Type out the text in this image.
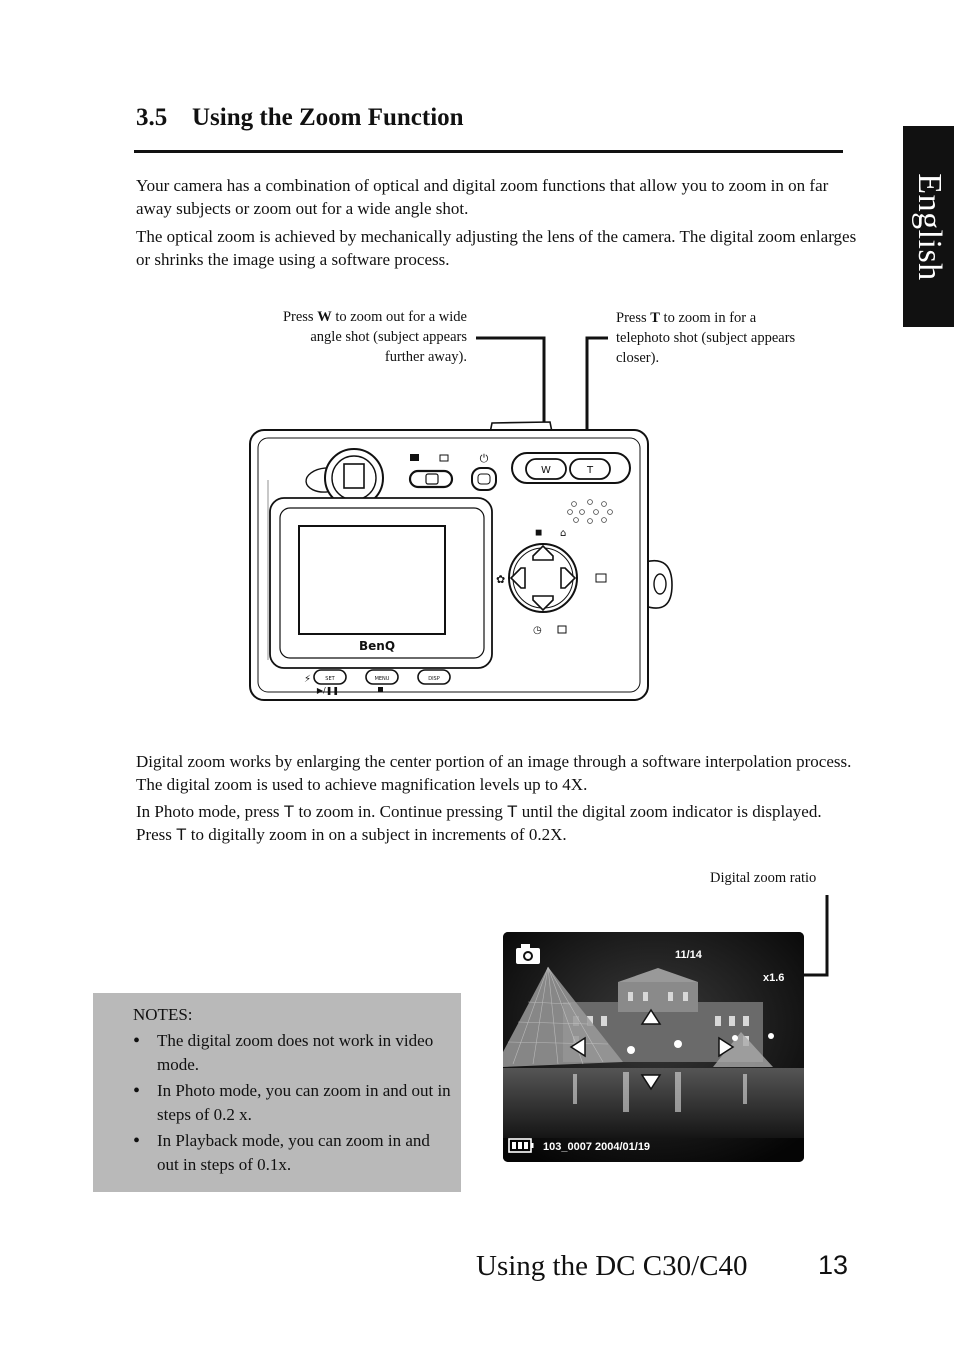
English
3.5 Using the Zoom Function
Your camera has a combination of optical and digital zoom functions that allow you to zoom in on far away subjects or zoom out for a wide angle shot.
The optical zoom is achieved by mechanically adjusting the lens of the camera. The digital zoom enlarges or shrinks the image using a software process.
Press W to zoom out for a wide angle shot (subject appears further away).
Press T to zoom in for a telephoto shot (subject appears closer).
⏻
W	T
BenQ
◼ ⌂
✿
◷
⚡	SET
▶/❚❚
MENU	DISP
Digital zoom works by enlarging the center portion of an image through a software interpolation process. The digital zoom is used to achieve magnification levels up to 4X.
In Photo mode, press T to zoom in. Continue pressing T until the digital zoom indicator is displayed. Press T to digitally zoom in on a subject in increments of 0.2X.
Digital zoom ratio
11/14
x1.6
103_0007 2004/01/19
NOTES:
• The digital zoom does not work in video mode.
• In Photo mode, you can zoom in and out in steps of 0.2 x.
• In Playback mode, you can zoom in and out in steps of 0.1x.
Using the DC C30/C40	13
